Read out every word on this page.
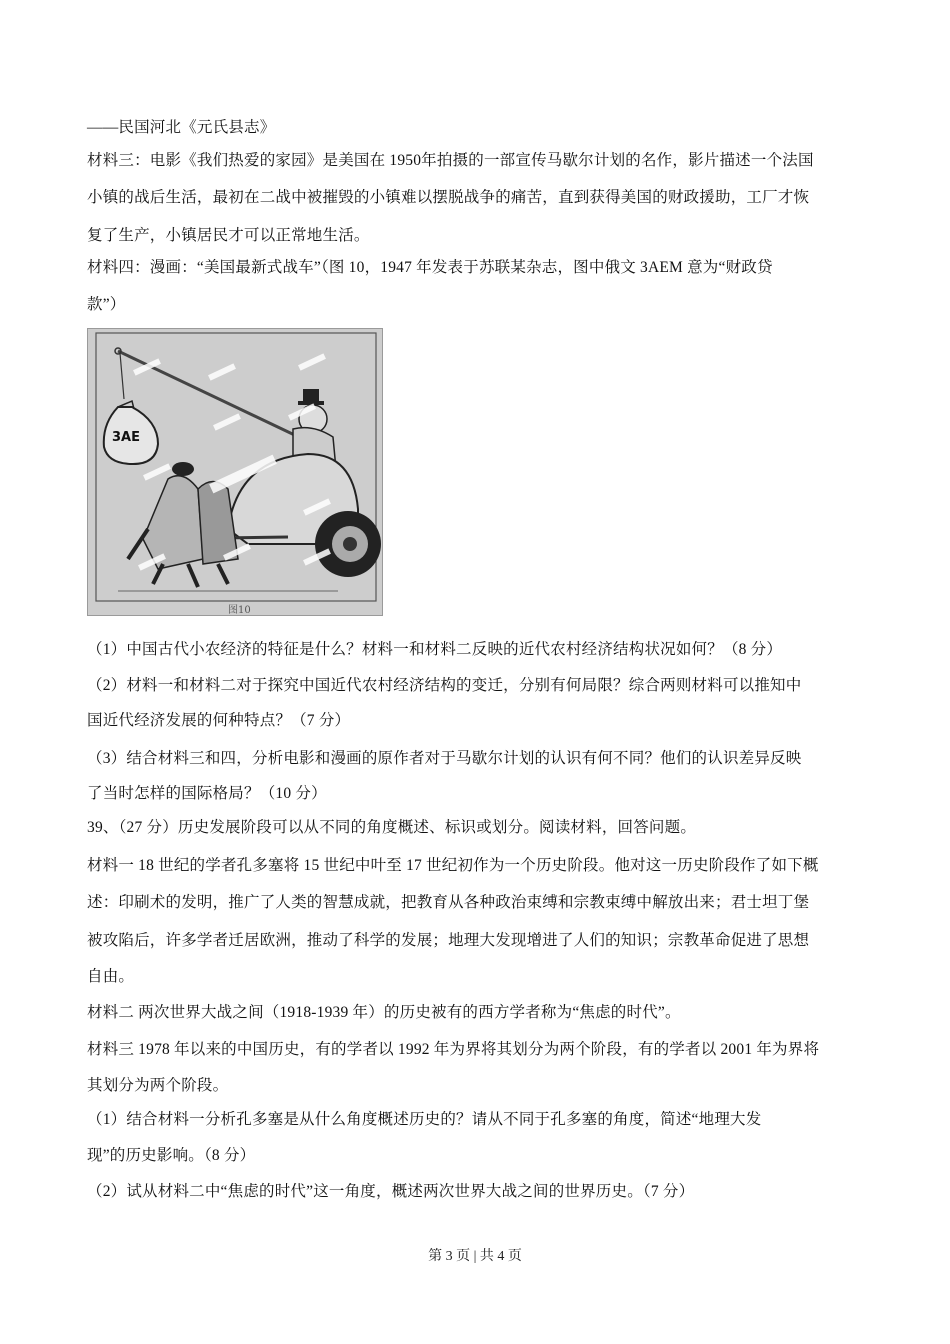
——民国河北《元氏县志》
材料三：电影《我们热爱的家园》是美国在 1950年拍摄的一部宣传马歇尔计划的名作，影片描述一个法国
小镇的战后生活，最初在二战中被摧毁的小镇难以摆脱战争的痛苦，直到获得美国的财政援助，工厂才恢
复了生产，小镇居民才可以正常地生活。
材料四：漫画：“美国最新式战车”（图 10，1947 年发表于苏联某杂志，图中俄文 3AEM 意为“财政贷
款”）
3AE
图10
（1）中国古代小农经济的特征是什么？材料一和材料二反映的近代农村经济结构状况如何？（8 分）
（2）材料一和材料二对于探究中国近代农村经济结构的变迁，分别有何局限？综合两则材料可以推知中
国近代经济发展的何种特点？（7 分）
（3）结合材料三和四，分析电影和漫画的原作者对于马歇尔计划的认识有何不同？他们的认识差异反映
了当时怎样的国际格局？（10 分）
39、（27 分）历史发展阶段可以从不同的角度概述、标识或划分。阅读材料，回答问题。
材料一 18 世纪的学者孔多塞将 15 世纪中叶至 17 世纪初作为一个历史阶段。他对这一历史阶段作了如下概
述：印刷术的发明，推广了人类的智慧成就，把教育从各种政治束缚和宗教束缚中解放出来；君士坦丁堡
被攻陷后，许多学者迁居欧洲，推动了科学的发展；地理大发现增进了人们的知识；宗教革命促进了思想
自由。
材料二 两次世界大战之间（1918-1939 年）的历史被有的西方学者称为“焦虑的时代”。
材料三 1978 年以来的中国历史，有的学者以 1992 年为界将其划分为两个阶段，有的学者以 2001 年为界将
其划分为两个阶段。
（1）结合材料一分析孔多塞是从什么角度概述历史的？请从不同于孔多塞的角度，简述“地理大发
现”的历史影响。（8 分）
（2）试从材料二中“焦虑的时代”这一角度，概述两次世界大战之间的世界历史。（7 分）
第 3 页 | 共 4 页
